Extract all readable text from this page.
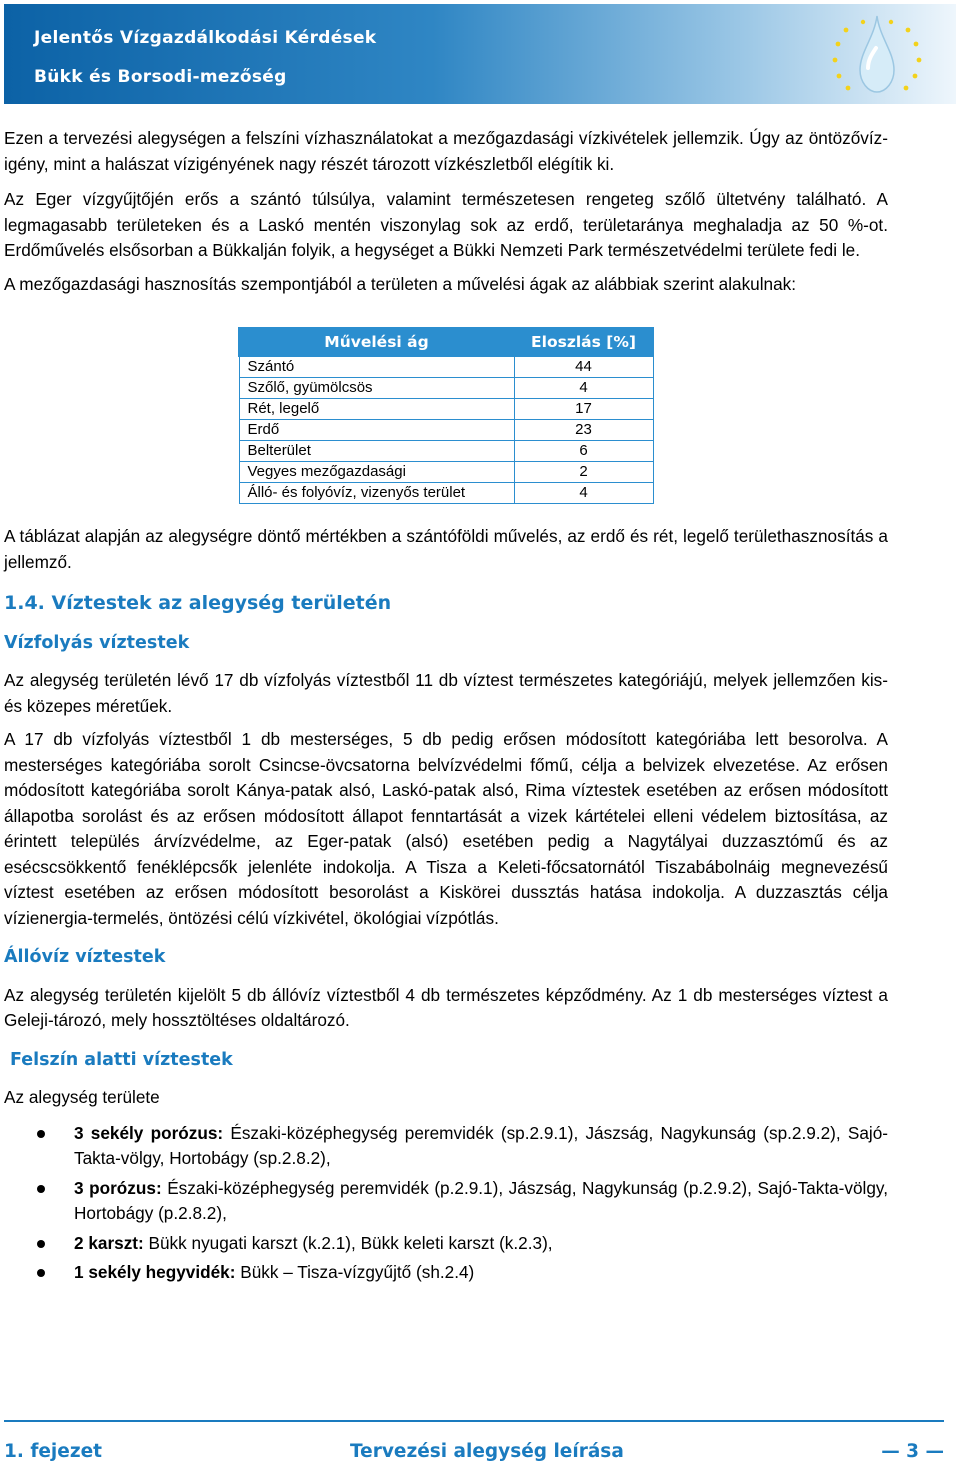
Jelentős Vízgazdálkodási Kérdések
Bükk és Borsodi-mezőség

Ezen a tervezési alegységen a felszíni vízhasználatokat a mezőgazdasági vízkivételek jellemzik. Úgy az öntözővíz-igény, mint a halászat vízigényének nagy részét tározott vízkészletből elégítik ki.

Az Eger vízgyűjtőjén erős a szántó túlsúlya, valamint természetesen rengeteg szőlő ültetvény található. A legmagasabb területeken és a Laskó mentén viszonylag sok az erdő, területaránya meghaladja az 50 %-ot. Erdőművelés elsősorban a Bükkalján folyik, a hegységet a Bükki Nemzeti Park természetvédelmi területe fedi le.

A mezőgazdasági hasznosítás szempontjából a területen a művelési ágak az alábbiak szerint alakulnak:

Művelési ág	Eloszlás [%]
Szántó	44
Szőlő, gyümölcsös	4
Rét, legelő	17
Erdő	23
Belterület	6
Vegyes mezőgazdasági	2
Álló- és folyóvíz, vizenyős terület	4

A táblázat alapján az alegységre döntő mértékben a szántóföldi művelés, az erdő és rét, legelő területhasznosítás a jellemző.

1.4. Víztestek az alegység területén
Vízfolyás víztestek

Az alegység területén lévő 17 db vízfolyás víztestből 11 db víztest természetes kategóriájú, melyek jellemzően kis- és közepes méretűek.

A 17 db vízfolyás víztestből 1 db mesterséges, 5 db pedig erősen módosított kategóriába lett besorolva. A mesterséges kategóriába sorolt Csincse-övcsatorna belvízvédelmi főmű, célja a belvizek elvezetése. Az erősen módosított kategóriába sorolt Kánya-patak alsó, Laskó-patak alsó, Rima víztestek esetében az erősen módosított állapotba sorolást és az erősen módosított állapot fenntartását a vizek kártételei elleni védelem biztosítása, az érintett település árvízvédelme, az Eger-patak (alsó) esetében pedig a Nagytályai duzzasztómű és az esécscsökkentő fenéklépcsők jelenléte indokolja. A Tisza a Keleti-főcsatornától Tiszabábolnáig megnevezésű víztest esetében az erősen módosított besorolást a Kiskörei dussztás hatása indokolja. A duzzasztás célja vízienergia-termelés, öntözési célú vízkivétel, ökológiai vízpótlás.

Állóvíz víztestek

Az alegység területén kijelölt 5 db állóvíz víztestből 4 db természetes képződmény. Az 1 db mesterséges víztest a Geleji-tározó, mely hossztöltéses oldaltározó.

Felszín alatti víztestek

Az alegység területe

3 sekély porózus: Északi-középhegység peremvidék (sp.2.9.1), Jászság, Nagykunság (sp.2.9.2), Sajó-Takta-völgy, Hortobágy (sp.2.8.2),
3 porózus: Északi-középhegység peremvidék (p.2.9.1), Jászság, Nagykunság (p.2.9.2), Sajó-Takta-völgy, Hortobágy (p.2.8.2),
2 karszt: Bükk nyugati karszt (k.2.1), Bükk keleti karszt (k.2.3),
1 sekély hegyvidék: Bükk – Tisza-vízgyűjtő (sh.2.4)
1. fejezet	Tervezési alegység leírása	— 3 —
